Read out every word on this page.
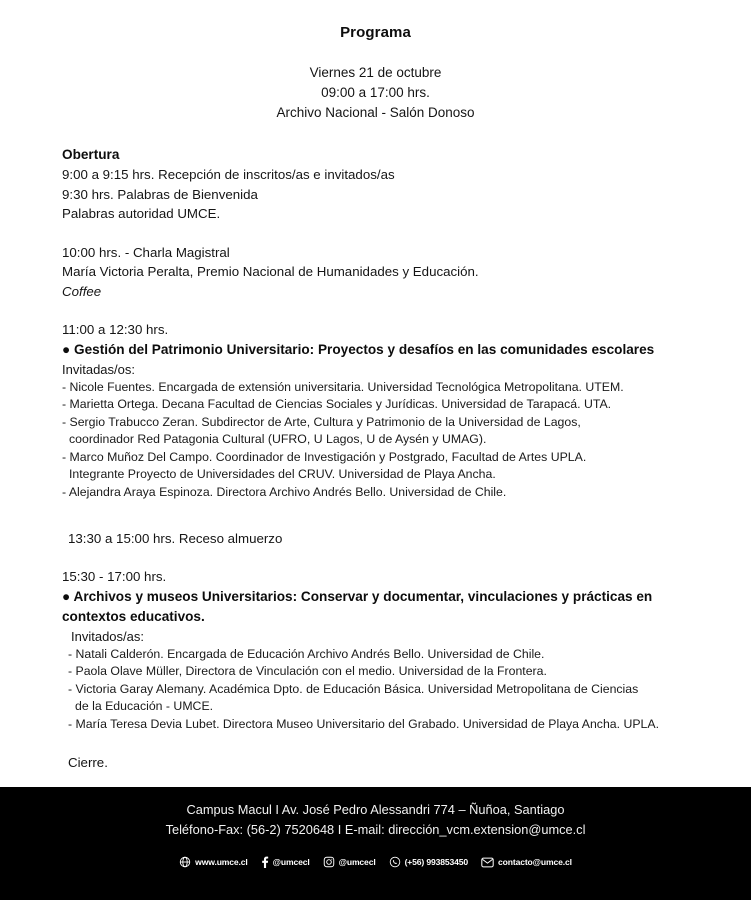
Programa
Viernes 21 de octubre
09:00 a 17:00 hrs.
Archivo Nacional - Salón Donoso
Obertura
9:00 a 9:15 hrs. Recepción de inscritos/as e invitados/as
9:30 hrs. Palabras de Bienvenida
Palabras autoridad UMCE.
10:00 hrs. - Charla Magistral
María Victoria Peralta, Premio Nacional de Humanidades y Educación.
Coffee
11:00 a 12:30 hrs.
● Gestión del Patrimonio Universitario: Proyectos y desafíos en las comunidades escolares
Invitadas/os:
- Nicole Fuentes. Encargada de extensión universitaria. Universidad Tecnológica Metropolitana. UTEM.
- Marietta Ortega. Decana Facultad de Ciencias Sociales y Jurídicas. Universidad de Tarapacá. UTA.
- Sergio Trabucco Zeran. Subdirector de Arte, Cultura y Patrimonio de la Universidad de Lagos,
coordinador Red Patagonia Cultural (UFRO, U Lagos, U de Aysén y UMAG).
- Marco Muñoz Del Campo. Coordinador de Investigación y Postgrado, Facultad de Artes UPLA.
Integrante Proyecto de Universidades del CRUV. Universidad de Playa Ancha.
- Alejandra Araya Espinoza. Directora Archivo Andrés Bello. Universidad de Chile.
13:30 a 15:00 hrs. Receso almuerzo
15:30 - 17:00 hrs.
● Archivos y museos Universitarios: Conservar y documentar, vinculaciones y prácticas en
contextos educativos.
Invitados/as:
- Natali Calderón. Encargada de Educación Archivo Andrés Bello. Universidad de Chile.
- Paola Olave Müller, Directora de Vinculación con el medio. Universidad de la Frontera.
- Victoria Garay Alemany. Académica Dpto. de Educación Básica. Universidad Metropolitana de Ciencias
de la Educación - UMCE.
- María Teresa Devia Lubet. Directora Museo Universitario del Grabado. Universidad de Playa Ancha. UPLA.
Cierre.
Campus Macul I Av. José Pedro Alessandri 774 – Ñuñoa, Santiago
Teléfono-Fax: (56-2) 7520648 I E-mail: dirección_vcm.extension@umce.cl
www.umce.cl	@umcecl	@umcecl	(+56) 993853450	contacto@umce.cl
